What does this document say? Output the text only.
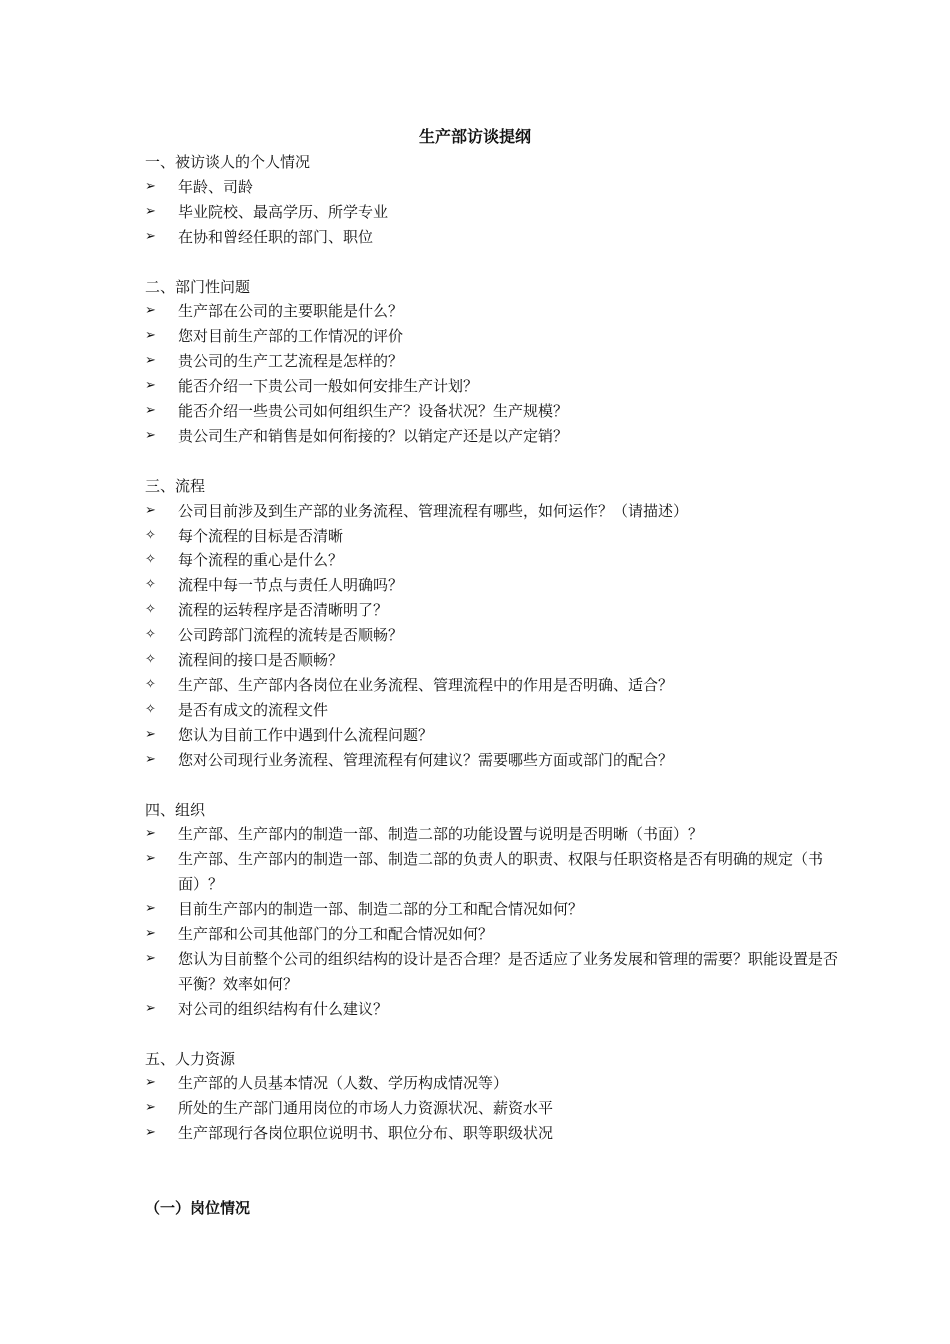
生产部访谈提纲
一、被访谈人的个人情况
➢	年龄、司龄
➢	毕业院校、最高学历、所学专业
➢	在协和曾经任职的部门、职位
二、部门性问题
➢	生产部在公司的主要职能是什么？
➢	您对目前生产部的工作情况的评价
➢	贵公司的生产工艺流程是怎样的？
➢	能否介绍一下贵公司一般如何安排生产计划？
➢	能否介绍一些贵公司如何组织生产？设备状况？生产规模？
➢	贵公司生产和销售是如何衔接的？以销定产还是以产定销？
三、流程
➢	公司目前涉及到生产部的业务流程、管理流程有哪些，如何运作？（请描述）
✧	每个流程的目标是否清晰
✧	每个流程的重心是什么？
✧	流程中每一节点与责任人明确吗？
✧	流程的运转程序是否清晰明了？
✧	公司跨部门流程的流转是否顺畅？
✧	流程间的接口是否顺畅？
✧	生产部、生产部内各岗位在业务流程、管理流程中的作用是否明确、适合？
✧	是否有成文的流程文件
➢	您认为目前工作中遇到什么流程问题？
➢	您对公司现行业务流程、管理流程有何建议？需要哪些方面或部门的配合？
四、组织
➢	生产部、生产部内的制造一部、制造二部的功能设置与说明是否明晰（书面）？
➢	生产部、生产部内的制造一部、制造二部的负责人的职责、权限与任职资格是否有明确的规定（书面）？
➢	目前生产部内的制造一部、制造二部的分工和配合情况如何？
➢	生产部和公司其他部门的分工和配合情况如何？
➢	您认为目前整个公司的组织结构的设计是否合理？是否适应了业务发展和管理的需要？职能设置是否平衡？效率如何？
➢	对公司的组织结构有什么建议？
五、人力资源
➢	生产部的人员基本情况（人数、学历构成情况等）
➢	所处的生产部门通用岗位的市场人力资源状况、薪资水平
➢	生产部现行各岗位职位说明书、职位分布、职等职级状况
（一）岗位情况
